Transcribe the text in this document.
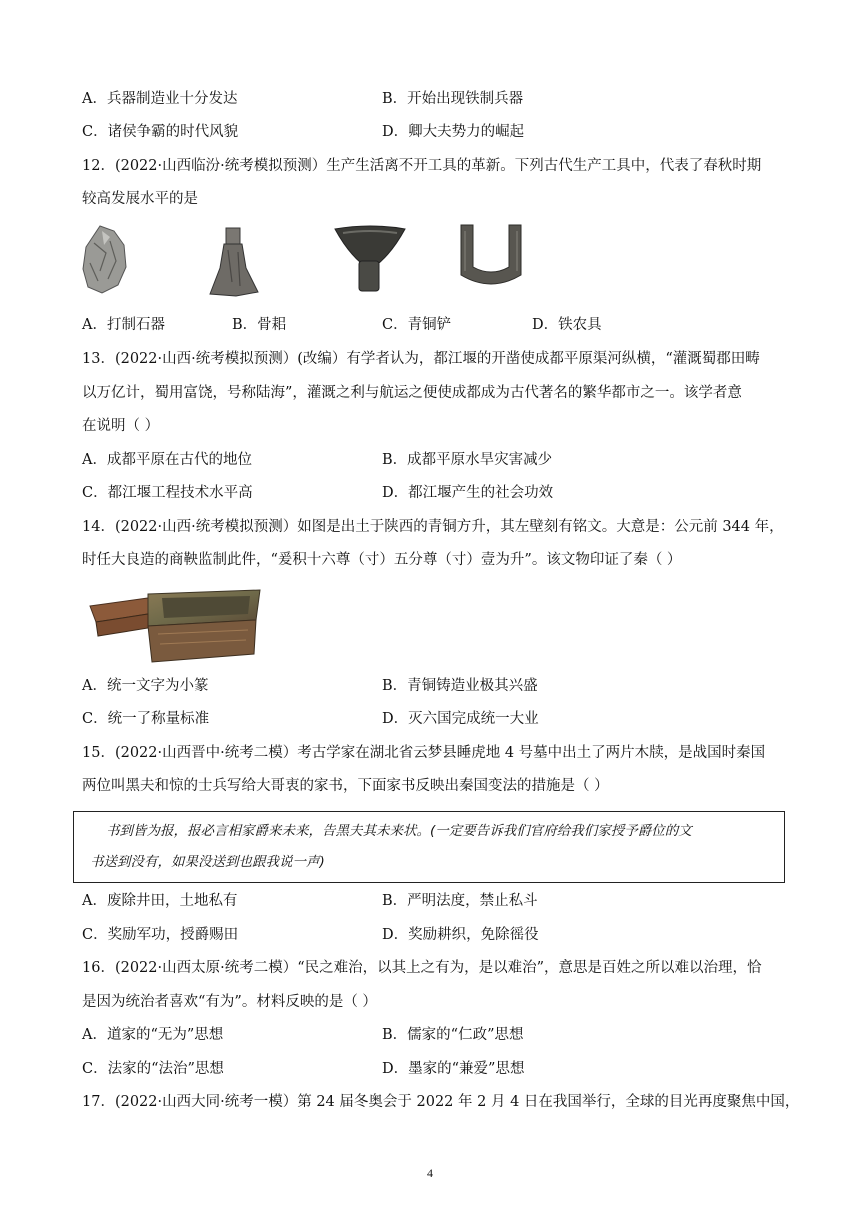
A．兵器制造业十分发达	B．开始出现铁制兵器
C．诸侯争霸的时代风貌	D．卿大夫势力的崛起
12．(2022·山西临汾·统考模拟预测）生产生活离不开工具的革新。下列古代生产工具中，代表了春秋时期
较高发展水平的是
A．打制石器	B．骨耜	C．青铜铲	D．铁农具
13．(2022·山西·统考模拟预测）(改编）有学者认为，都江堰的开凿使成都平原渠河纵横，“灌溉蜀郡田畴
以万亿计，蜀用富饶，号称陆海”，灌溉之利与航运之便使成都成为古代著名的繁华都市之一。该学者意
在说明（ ）
A．成都平原在古代的地位	B．成都平原水旱灾害减少
C．都江堰工程技术水平高	D．都江堰产生的社会功效
14．(2022·山西·统考模拟预测）如图是出土于陕西的青铜方升，其左壁刻有铭文。大意是：公元前 344 年，
时任大良造的商鞅监制此件，“爰积十六尊（寸）五分尊（寸）壹为升”。该文物印证了秦（ ）
A．统一文字为小篆	B．青铜铸造业极其兴盛
C．统一了称量标准	D．灭六国完成统一大业
15．(2022·山西晋中·统考二模）考古学家在湖北省云梦县睡虎地 4 号墓中出土了两片木牍，是战国时秦国
两位叫黑夫和惊的士兵写给大哥衷的家书，下面家书反映出秦国变法的措施是（ ）
书到皆为报，报必言相家爵来未来，告黑夫其未来状。(一定要告诉我们官府给我们家授予爵位的文
书送到没有，如果没送到也跟我说一声)
A．废除井田，土地私有	B．严明法度，禁止私斗
C．奖励军功，授爵赐田	D．奖励耕织，免除徭役
16．(2022·山西太原·统考二模）“民之难治，以其上之有为，是以难治”，意思是百姓之所以难以治理，恰
是因为统治者喜欢“有为”。材料反映的是（ ）
A．道家的“无为”思想	B．儒家的“仁政”思想
C．法家的“法治”思想	D．墨家的“兼爱”思想
17．(2022·山西大同·统考一模）第 24 届冬奥会于 2022 年 2 月 4 日在我国举行，全球的目光再度聚焦中国，
4
